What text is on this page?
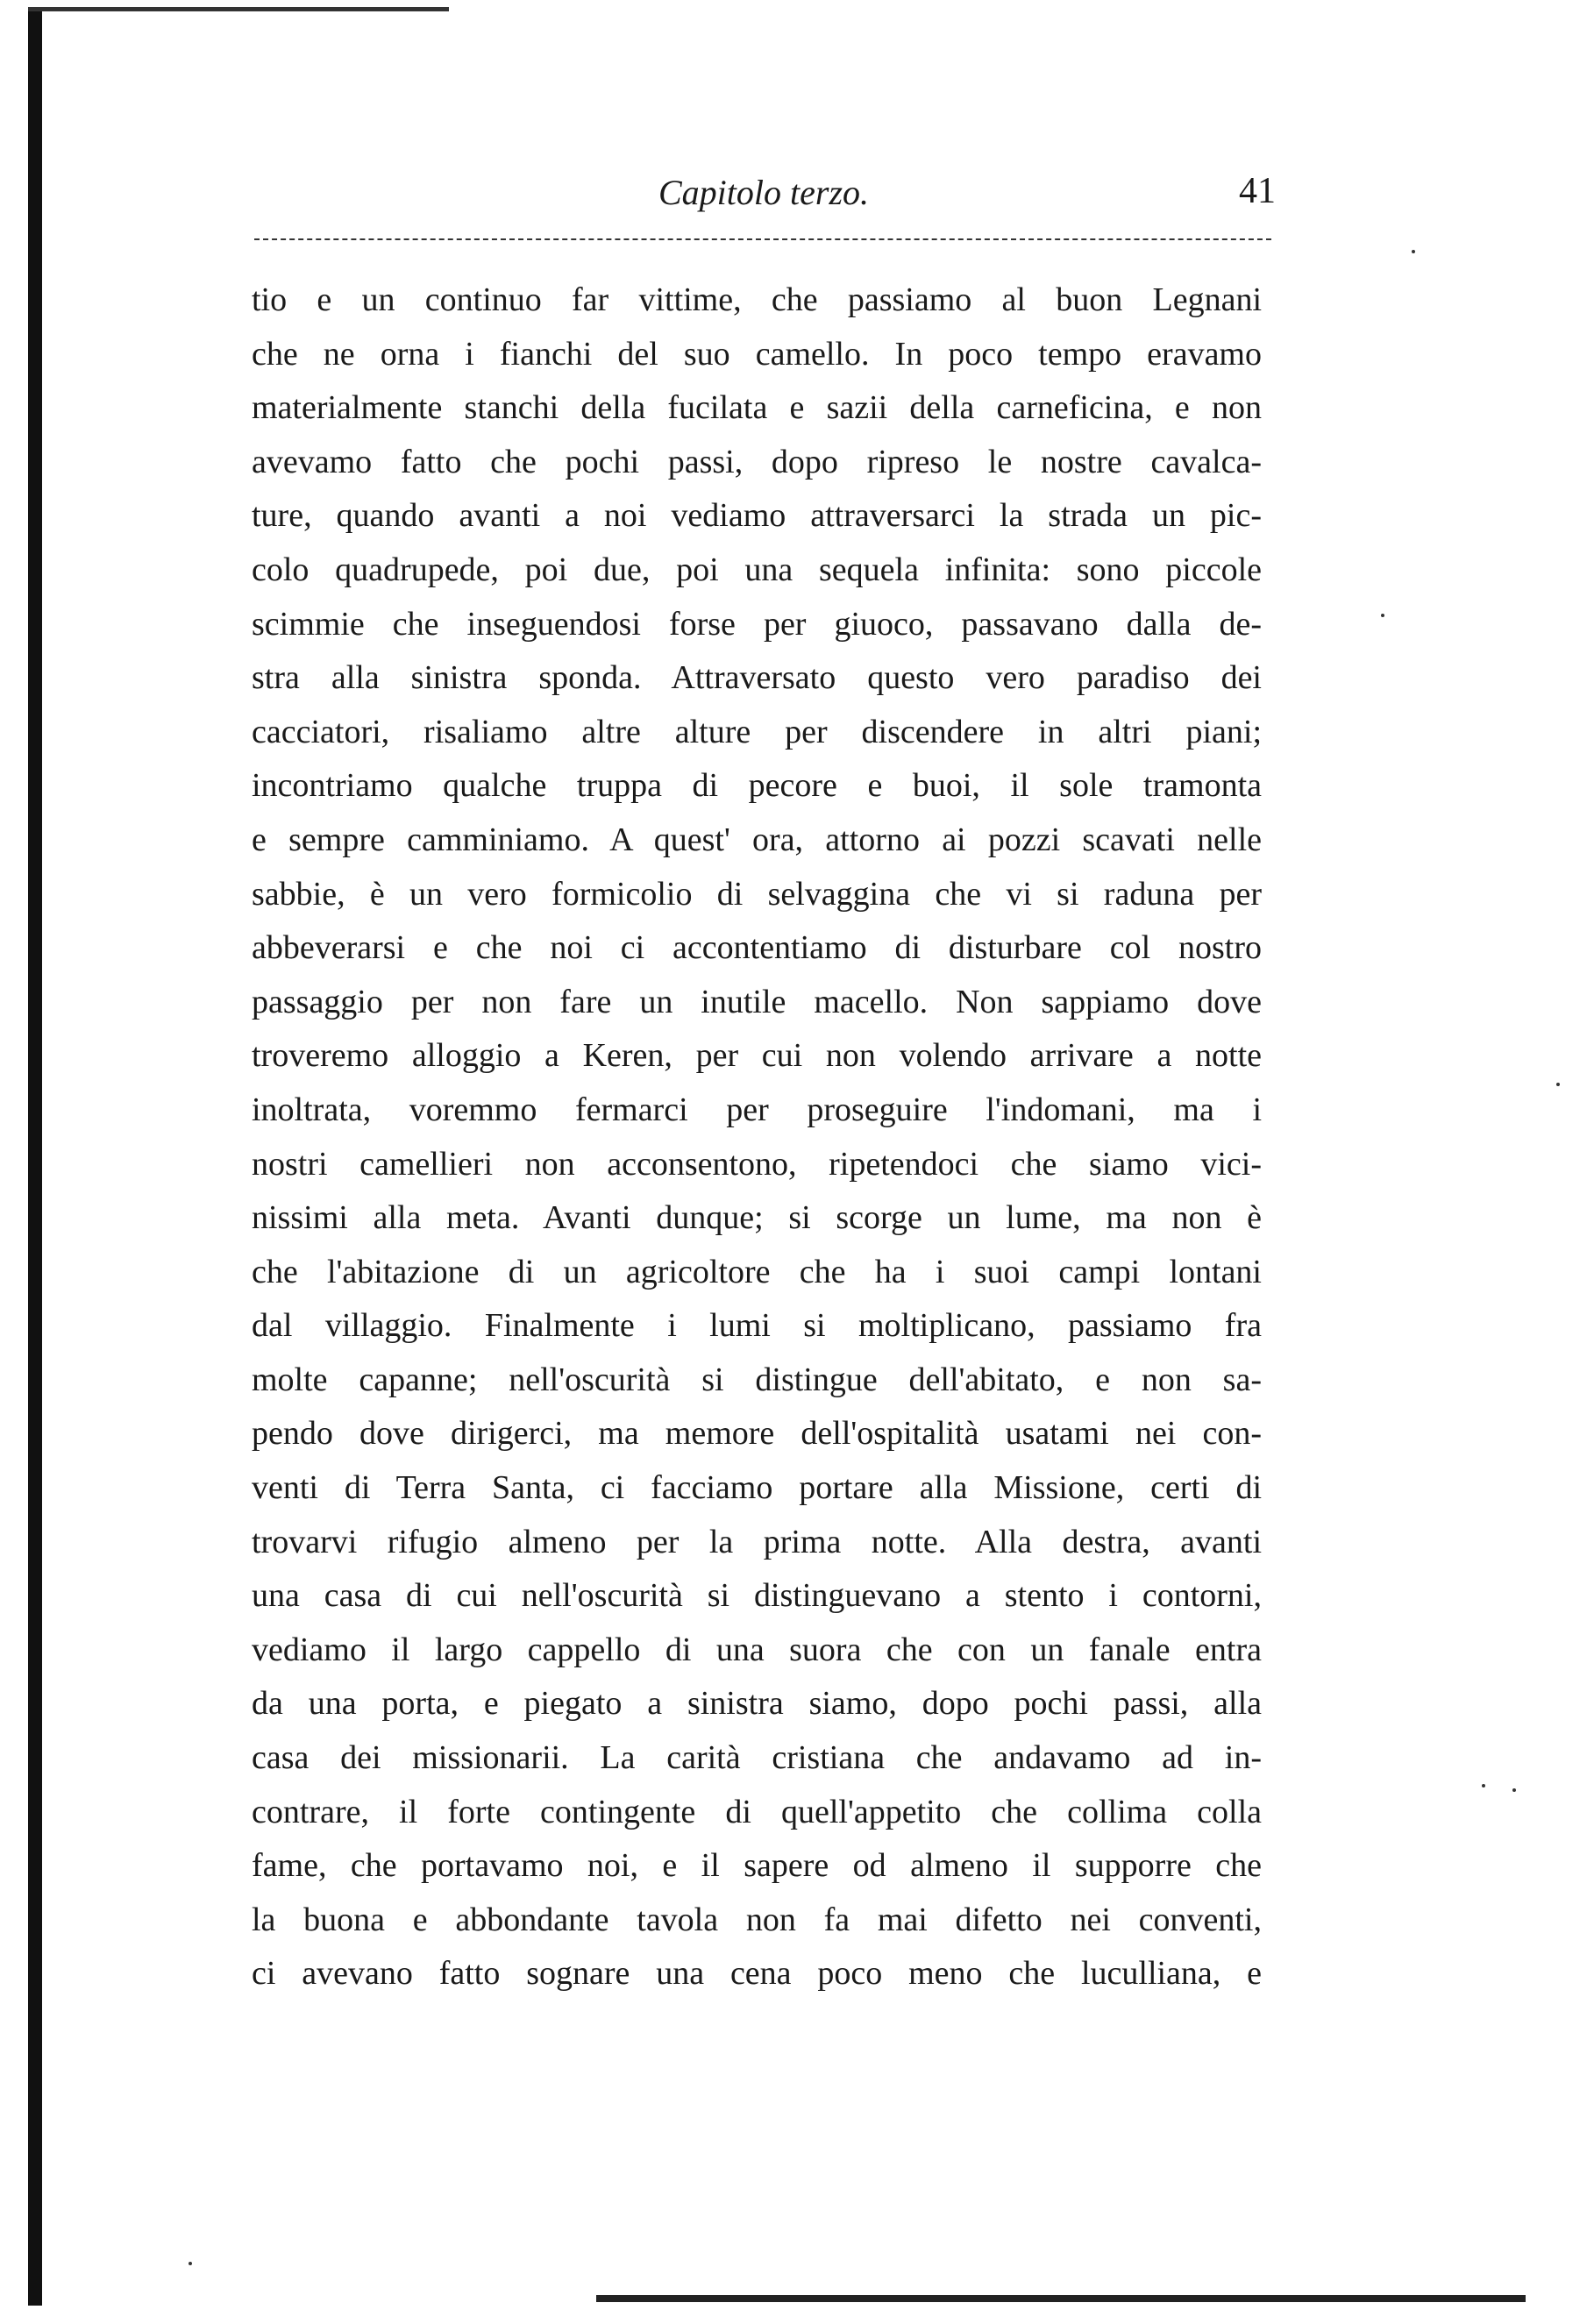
Capitolo terzo.	41
tio e un continuo far vittime, che passiamo al buon Legnani
che ne orna i fianchi del suo camello. In poco tempo eravamo
materialmente stanchi della fucilata e sazii della carneficina, e non
avevamo fatto che pochi passi, dopo ripreso le nostre cavalca-
ture, quando avanti a noi vediamo attraversarci la strada un pic-
colo quadrupede, poi due, poi una sequela infinita: sono piccole
scimmie che inseguendosi forse per giuoco, passavano dalla de-
stra alla sinistra sponda. Attraversato questo vero paradiso dei
cacciatori, risaliamo altre alture per discendere in altri piani;
incontriamo qualche truppa di pecore e buoi, il sole tramonta
e sempre camminiamo. A quest' ora, attorno ai pozzi scavati nelle
sabbie, è un vero formicolio di selvaggina che vi si raduna per
abbeverarsi e che noi ci accontentiamo di disturbare col nostro
passaggio per non fare un inutile macello. Non sappiamo dove
troveremo alloggio a Keren, per cui non volendo arrivare a notte
inoltrata, voremmo fermarci per proseguire l'indomani, ma i
nostri camellieri non acconsentono, ripetendoci che siamo vici-
nissimi alla meta. Avanti dunque; si scorge un lume, ma non è
che l'abitazione di un agricoltore che ha i suoi campi lontani
dal villaggio. Finalmente i lumi si moltiplicano, passiamo fra
molte capanne; nell'oscurità si distingue dell'abitato, e non sa-
pendo dove dirigerci, ma memore dell'ospitalità usatami nei con-
venti di Terra Santa, ci facciamo portare alla Missione, certi di
trovarvi rifugio almeno per la prima notte. Alla destra, avanti
una casa di cui nell'oscurità si distinguevano a stento i contorni,
vediamo il largo cappello di una suora che con un fanale entra
da una porta, e piegato a sinistra siamo, dopo pochi passi, alla
casa dei missionarii. La carità cristiana che andavamo ad in-
contrare, il forte contingente di quell'appetito che collima colla
fame, che portavamo noi, e il sapere od almeno il supporre che
la buona e abbondante tavola non fa mai difetto nei conventi,
ci avevano fatto sognare una cena poco meno che luculliana, e
